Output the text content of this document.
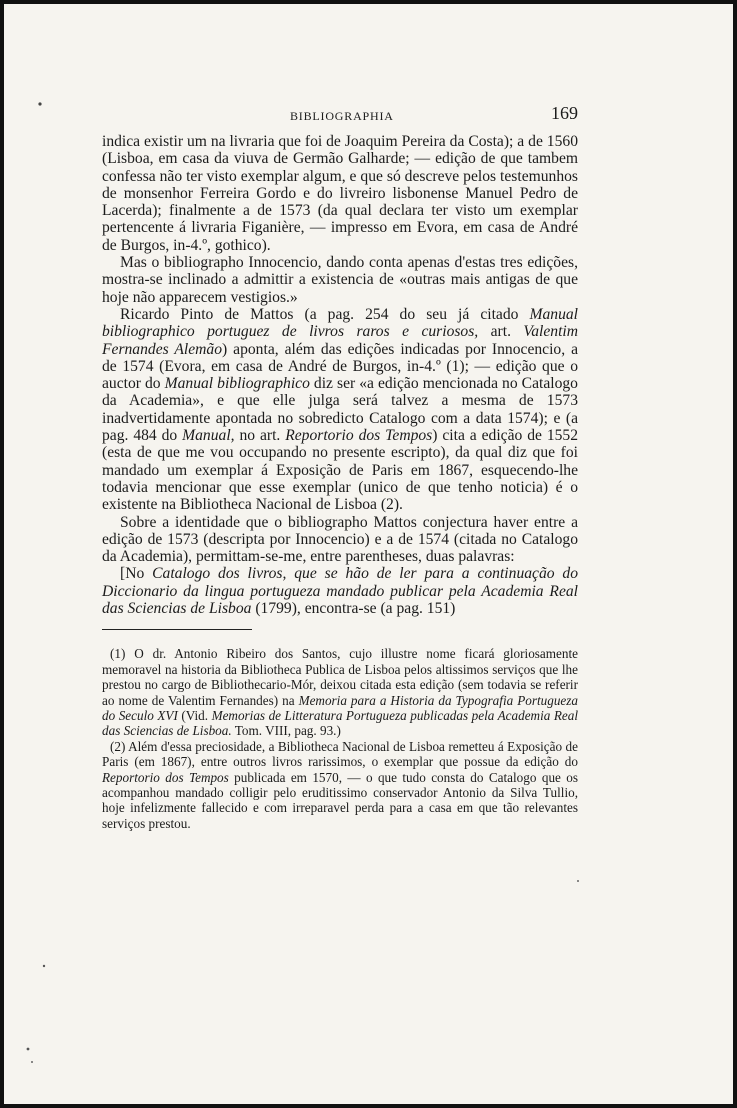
BIBLIOGRAPHIA	169

indica existir um na livraria que foi de Joaquim Pereira da Costa); a de 1560 (Lisboa, em casa da viuva de Germão Galharde; — edição de que tambem confessa não ter visto exemplar algum, e que só descreve pelos testemunhos de monsenhor Ferreira Gordo e do livreiro lisbonense Manuel Pedro de Lacerda); finalmente a de 1573 (da qual declara ter visto um exemplar pertencente á livraria Figanière, — impresso em Evora, em casa de André de Burgos, in-4.º, gothico).

Mas o bibliographo Innocencio, dando conta apenas d'estas tres edições, mostra-se inclinado a admittir a existencia de «outras mais antigas de que hoje não apparecem vestigios.»

Ricardo Pinto de Mattos (a pag. 254 do seu já citado Manual bibliographico portuguez de livros raros e curiosos, art. Valentim Fernandes Alemão) aponta, além das edições indicadas por Innocencio, a de 1574 (Evora, em casa de André de Burgos, in-4.º (1); — edição que o auctor do Manual bibliographico diz ser «a edição mencionada no Catalogo da Academia», e que elle julga será talvez a mesma de 1573 inadvertidamente apontada no sobredicto Catalogo com a data 1574); e (a pag. 484 do Manual, no art. Reportorio dos Tempos) cita a edição de 1552 (esta de que me vou occupando no presente escripto), da qual diz que foi mandado um exemplar á Exposição de Paris em 1867, esquecendo-lhe todavia mencionar que esse exemplar (unico de que tenho noticia) é o existente na Bibliotheca Nacional de Lisboa (2).

Sobre a identidade que o bibliographo Mattos conjectura haver entre a edição de 1573 (descripta por Innocencio) e a de 1574 (citada no Catalogo da Academia), permittam-se-me, entre parentheses, duas palavras:

[No Catalogo dos livros, que se hão de ler para a continuação do Diccionario da lingua portugueza mandado publicar pela Academia Real das Sciencias de Lisboa (1799), encontra-se (a pag. 151)

(1) O dr. Antonio Ribeiro dos Santos, cujo illustre nome ficará gloriosamente memoravel na historia da Bibliotheca Publica de Lisboa pelos altissimos serviços que lhe prestou no cargo de Bibliothecario-Mór, deixou citada esta edição (sem todavia se referir ao nome de Valentim Fernandes) na Memoria para a Historia da Typografia Portugueza do Seculo XVI (Vid. Memorias de Litteratura Portugueza publicadas pela Academia Real das Sciencias de Lisboa. Tom. VIII, pag. 93.)

(2) Além d'essa preciosidade, a Bibliotheca Nacional de Lisboa remetteu á Exposição de Paris (em 1867), entre outros livros rarissimos, o exemplar que possue da edição do Reportorio dos Tempos publicada em 1570, — o que tudo consta do Catalogo que os acompanhou mandado colligir pelo eruditissimo conservador Antonio da Silva Tullio, hoje infelizmente fallecido e com irreparavel perda para a casa em que tão relevantes serviços prestou.
